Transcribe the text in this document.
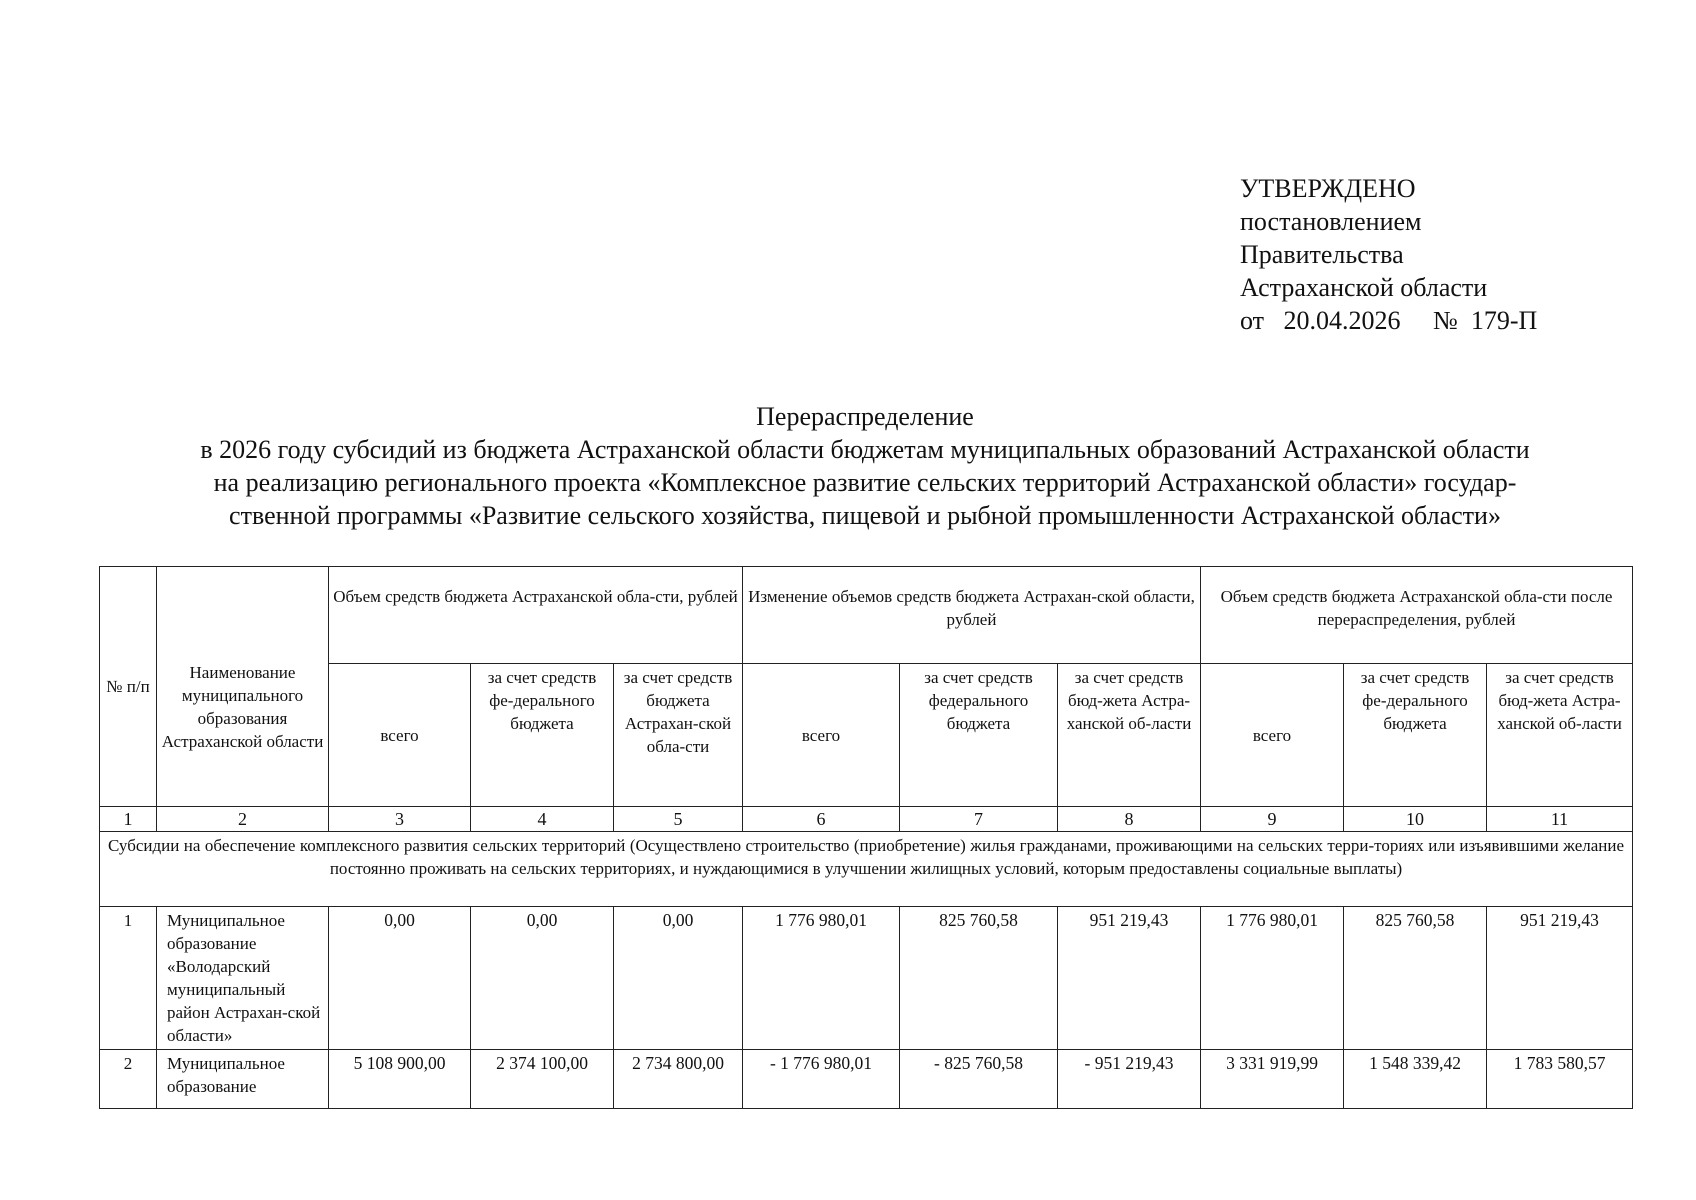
УТВЕРЖДЕНО
постановлением
Правительства
Астраханской области
от 20.04.2026 № 179-П
Перераспределение
в 2026 году субсидий из бюджета Астраханской области бюджетам муниципальных образований Астраханской области
на реализацию регионального проекта «Комплексное развитие сельских территорий Астраханской области» государ-
ственной программы «Развитие сельского хозяйства, пищевой и рыбной промышленности Астраханской области»
№ п/п	Наименование муниципального образования Астраханской области	Объем средств бюджета Астраханской обла-сти, рублей			Изменение объемов средств бюджета Астрахан-ской области, рублей			Объем средств бюджета Астраханской обла-сти после перераспределения, рублей		
		всего	за счет средств фе-дерального бюджета	за счет средств бюджета Астрахан-ской обла-сти	всего	за счет средств федерального бюджета	за счет средств бюд-жета Астра-ханской об-ласти	всего	за счет средств фе-дерального бюджета	за счет средств бюд-жета Астра-ханской об-ласти
1	2	3	4	5	6	7	8	9	10	11
Субсидии на обеспечение комплексного развития сельских территорий (Осуществлено строительство (приобретение) жилья гражданами, проживающими на сельских терри-ториях или изъявившими желание постоянно проживать на сельских территориях, и нуждающимися в улучшении жилищных условий, которым предоставлены социальные выплаты)										
1	Муниципальное образование «Володарский муниципальный район Астрахан-ской области»	0,00	0,00	0,00	1 776 980,01	825 760,58	951 219,43	1 776 980,01	825 760,58	951 219,43
2	Муниципальное образование	5 108 900,00	2 374 100,00	2 734 800,00	- 1 776 980,01	- 825 760,58	- 951 219,43	3 331 919,99	1 548 339,42	1 783 580,57
